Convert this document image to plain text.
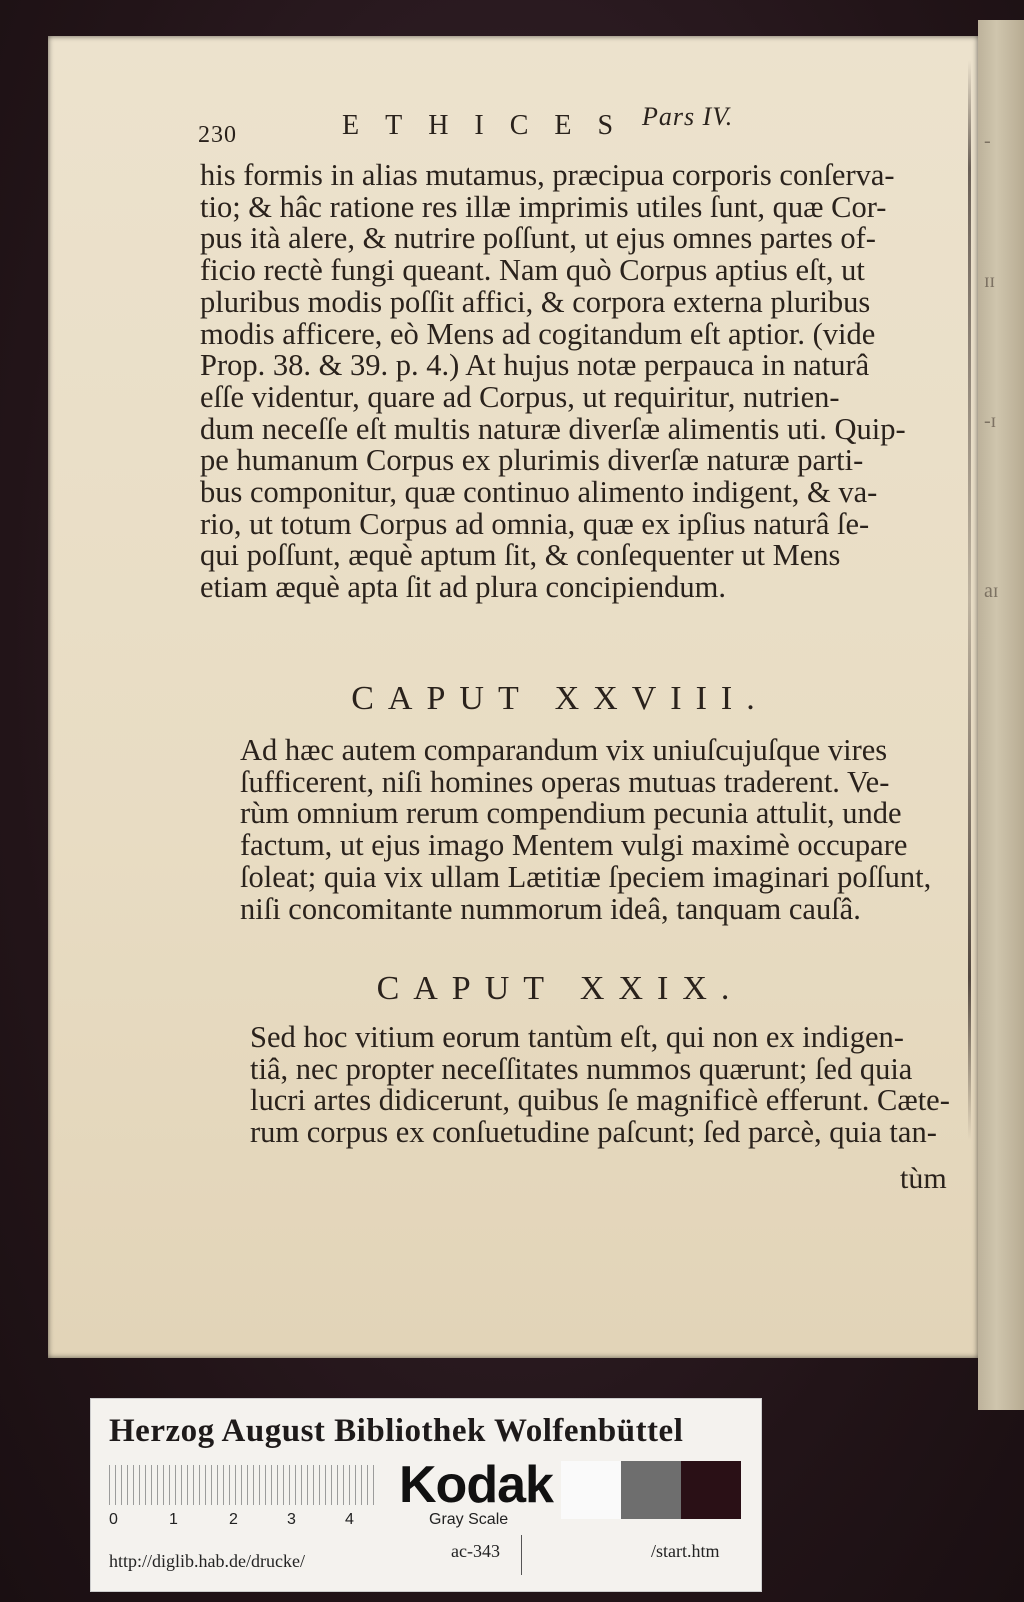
-
ɪɪ
-ɪ
aɪ
230	ETHICES Pars IV.

his formis in alias mutamus, præcipua corporis conſerva-
tio; & hâc ratione res illæ imprimis utiles ſunt, quæ Cor-
pus ità alere, & nutrire poſſunt, ut ejus omnes partes of-
ficio rectè fungi queant. Nam quò Corpus aptius eſt, ut
pluribus modis poſſit affici, & corpora externa pluribus
modis afficere, eò Mens ad cogitandum eſt aptior. (vide
Prop. 38. & 39. p. 4.) At hujus notæ perpauca in naturâ
eſſe videntur, quare ad Corpus, ut requiritur, nutrien-
dum neceſſe eſt multis naturæ diverſæ alimentis uti. Quip-
pe humanum Corpus ex plurimis diverſæ naturæ parti-
bus componitur, quæ continuo alimento indigent, & va-
rio, ut totum Corpus ad omnia, quæ ex ipſius naturâ ſe-
qui poſſunt, æquè aptum ſit, & conſequenter ut Mens
etiam æquè apta ſit ad plura concipiendum.

CAPUT XXVIII.

Ad hæc autem comparandum vix uniuſcujuſque vires
ſufficerent, niſi homines operas mutuas traderent. Ve-
rùm omnium rerum compendium pecunia attulit, unde
factum, ut ejus imago Mentem vulgi maximè occupare
ſoleat; quia vix ullam Lætitiæ ſpeciem imaginari poſſunt,
niſi concomitante nummorum ideâ, tanquam cauſâ.

CAPUT XXIX.

Sed hoc vitium eorum tantùm eſt, qui non ex indigen-
tiâ, nec propter neceſſitates nummos quærunt; ſed quia
lucri artes didicerunt, quibus ſe magnificè efferunt. Cæte-
rum corpus ex conſuetudine paſcunt; ſed parcè, quia tan-

tùm
Herzog August Bibliothek Wolfenbüttel
0	1	2	3	4
Kodak
Gray Scale
http://diglib.hab.de/drucke/	ac-343	/start.htm
